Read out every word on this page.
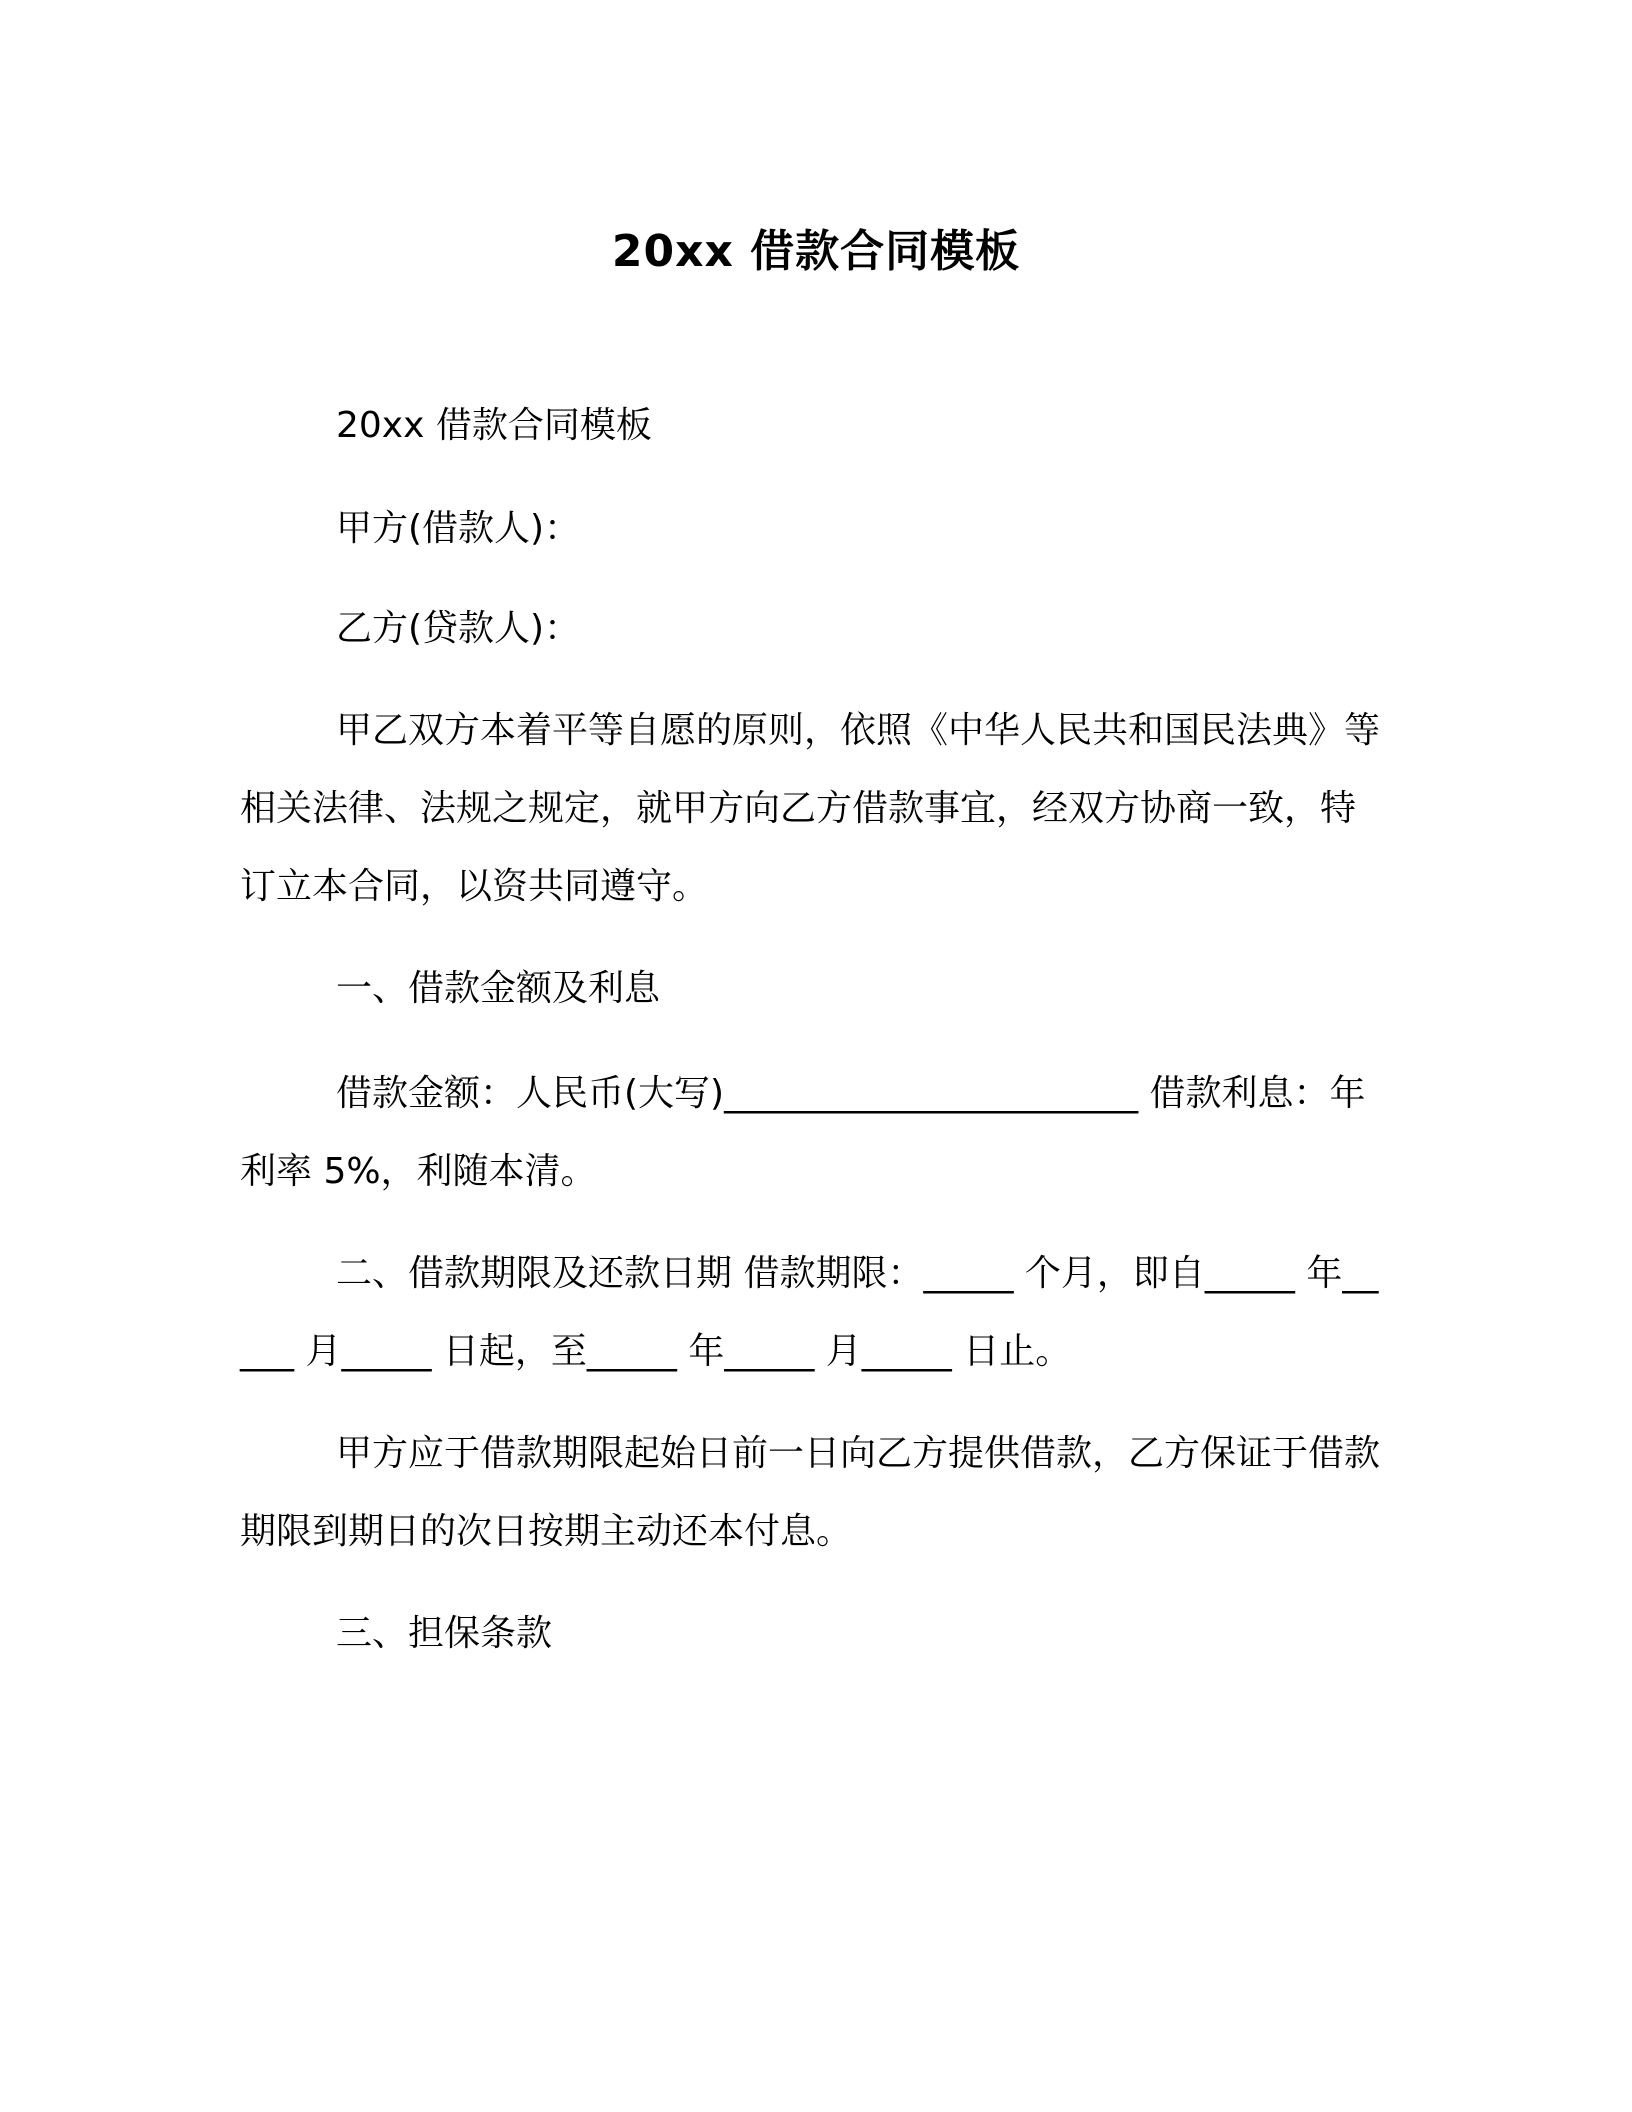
20xx 借款合同模板
20xx 借款合同模板
甲方(借款人)：
乙方(贷款人)：
甲乙双方本着平等自愿的原则，依照《中华人民共和国民法典》等相关法律、法规之规定，就甲方向乙方借款事宜，经双方协商一致，特订立本合同，以资共同遵守。
一、借款金额及利息
借款金额：人民币(大写)_______________________ 借款利息：年利率 5%，利随本清。
二、借款期限及还款日期 借款期限：_____ 个月，即自_____ 年_____ 月_____ 日起，至_____ 年_____ 月_____ 日止。
甲方应于借款期限起始日前一日向乙方提供借款，乙方保证于借款期限到期日的次日按期主动还本付息。
三、担保条款
